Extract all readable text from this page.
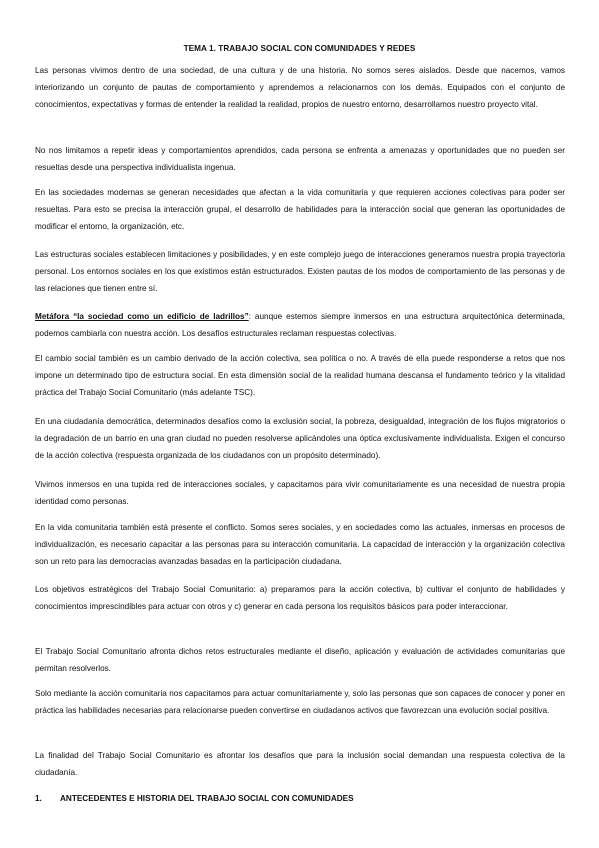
TEMA 1. TRABAJO SOCIAL CON COMUNIDADES Y REDES

Las personas vivimos dentro de una sociedad, de una cultura y de una historia. No somos seres aislados. Desde que nacemos, vamos interiorizando un conjunto de pautas de comportamiento y aprendemos a relacionarnos con los demás. Equipados con el conjunto de conocimientos, expectativas y formas de entender la realidad la realidad, propios de nuestro entorno, desarrollamos nuestro proyecto vital.

No nos limitamos a repetir ideas y comportamientos aprendidos, cada persona se enfrenta a amenazas y oportunidades que no pueden ser resueltas desde una perspectiva individualista ingenua.

En las sociedades modernas se generan necesidades que afectan a la vida comunitaria y que requieren acciones colectivas para poder ser resueltas. Para esto se precisa la interacción grupal, el desarrollo de habilidades para la interacción social que generan las oportunidades de modificar el entorno, la organización, etc.

Las estructuras sociales establecen limitaciones y posibilidades, y en este complejo juego de interacciones generamos nuestra propia trayectoria personal. Los entornos sociales en los que existimos están estructurados. Existen pautas de los modos de comportamiento de las personas y de las relaciones que tienen entre sí.

Metáfora “la sociedad como un edificio de ladrillos”: aunque estemos siempre inmersos en una estructura arquitectónica determinada, podemos cambiarla con nuestra acción. Los desafíos estructurales reclaman respuestas colectivas.

El cambio social también es un cambio derivado de la acción colectiva, sea política o no. A través de ella puede responderse a retos que nos impone un determinado tipo de estructura social. En esta dimensión social de la realidad humana descansa el fundamento teórico y la vitalidad práctica del Trabajo Social Comunitario (más adelante TSC).

En una ciudadanía democrática, determinados desafíos como la exclusión social, la pobreza, desigualdad, integración de los flujos migratorios o la degradación de un barrio en una gran ciudad no pueden resolverse aplicándoles una óptica exclusivamente individualista. Exigen el concurso de la acción colectiva (respuesta organizada de los ciudadanos con un propósito determinado).

Vivimos inmersos en una tupida red de interacciones sociales, y capacitamos para vivir comunitariamente es una necesidad de nuestra propia identidad como personas.

En la vida comunitaria también está presente el conflicto. Somos seres sociales, y en sociedades como las actuales, inmersas en procesos de individualización, es necesario capacitar a las personas para su interacción comunitaria. La capacidad de interacción y la organización colectiva son un reto para las democracias avanzadas basadas en la participación ciudadana.

Los objetivos estratégicos del Trabajo Social Comunitario: a) preparamos para la acción colectiva, b) cultivar el conjunto de habilidades y conocimientos imprescindibles para actuar con otros y c) generar en cada persona los requisitos básicos para poder interaccionar.

El Trabajo Social Comunitario afronta dichos retos estructurales mediante el diseño, aplicación y evaluación de actividades comunitarias que permitan resolverlos.

Solo mediante la acción comunitaria nos capacitamos para actuar comunitariamente y, solo las personas que son capaces de conocer y poner en práctica las habilidades necesarias para relacionarse pueden convertirse en ciudadanos activos que favorezcan una evolución social positiva.

La finalidad del Trabajo Social Comunitario es afrontar los desafíos que para la inclusión social demandan una respuesta colectiva de la ciudadanía.

1. ANTECEDENTES E HISTORIA DEL TRABAJO SOCIAL CON COMUNIDADES
